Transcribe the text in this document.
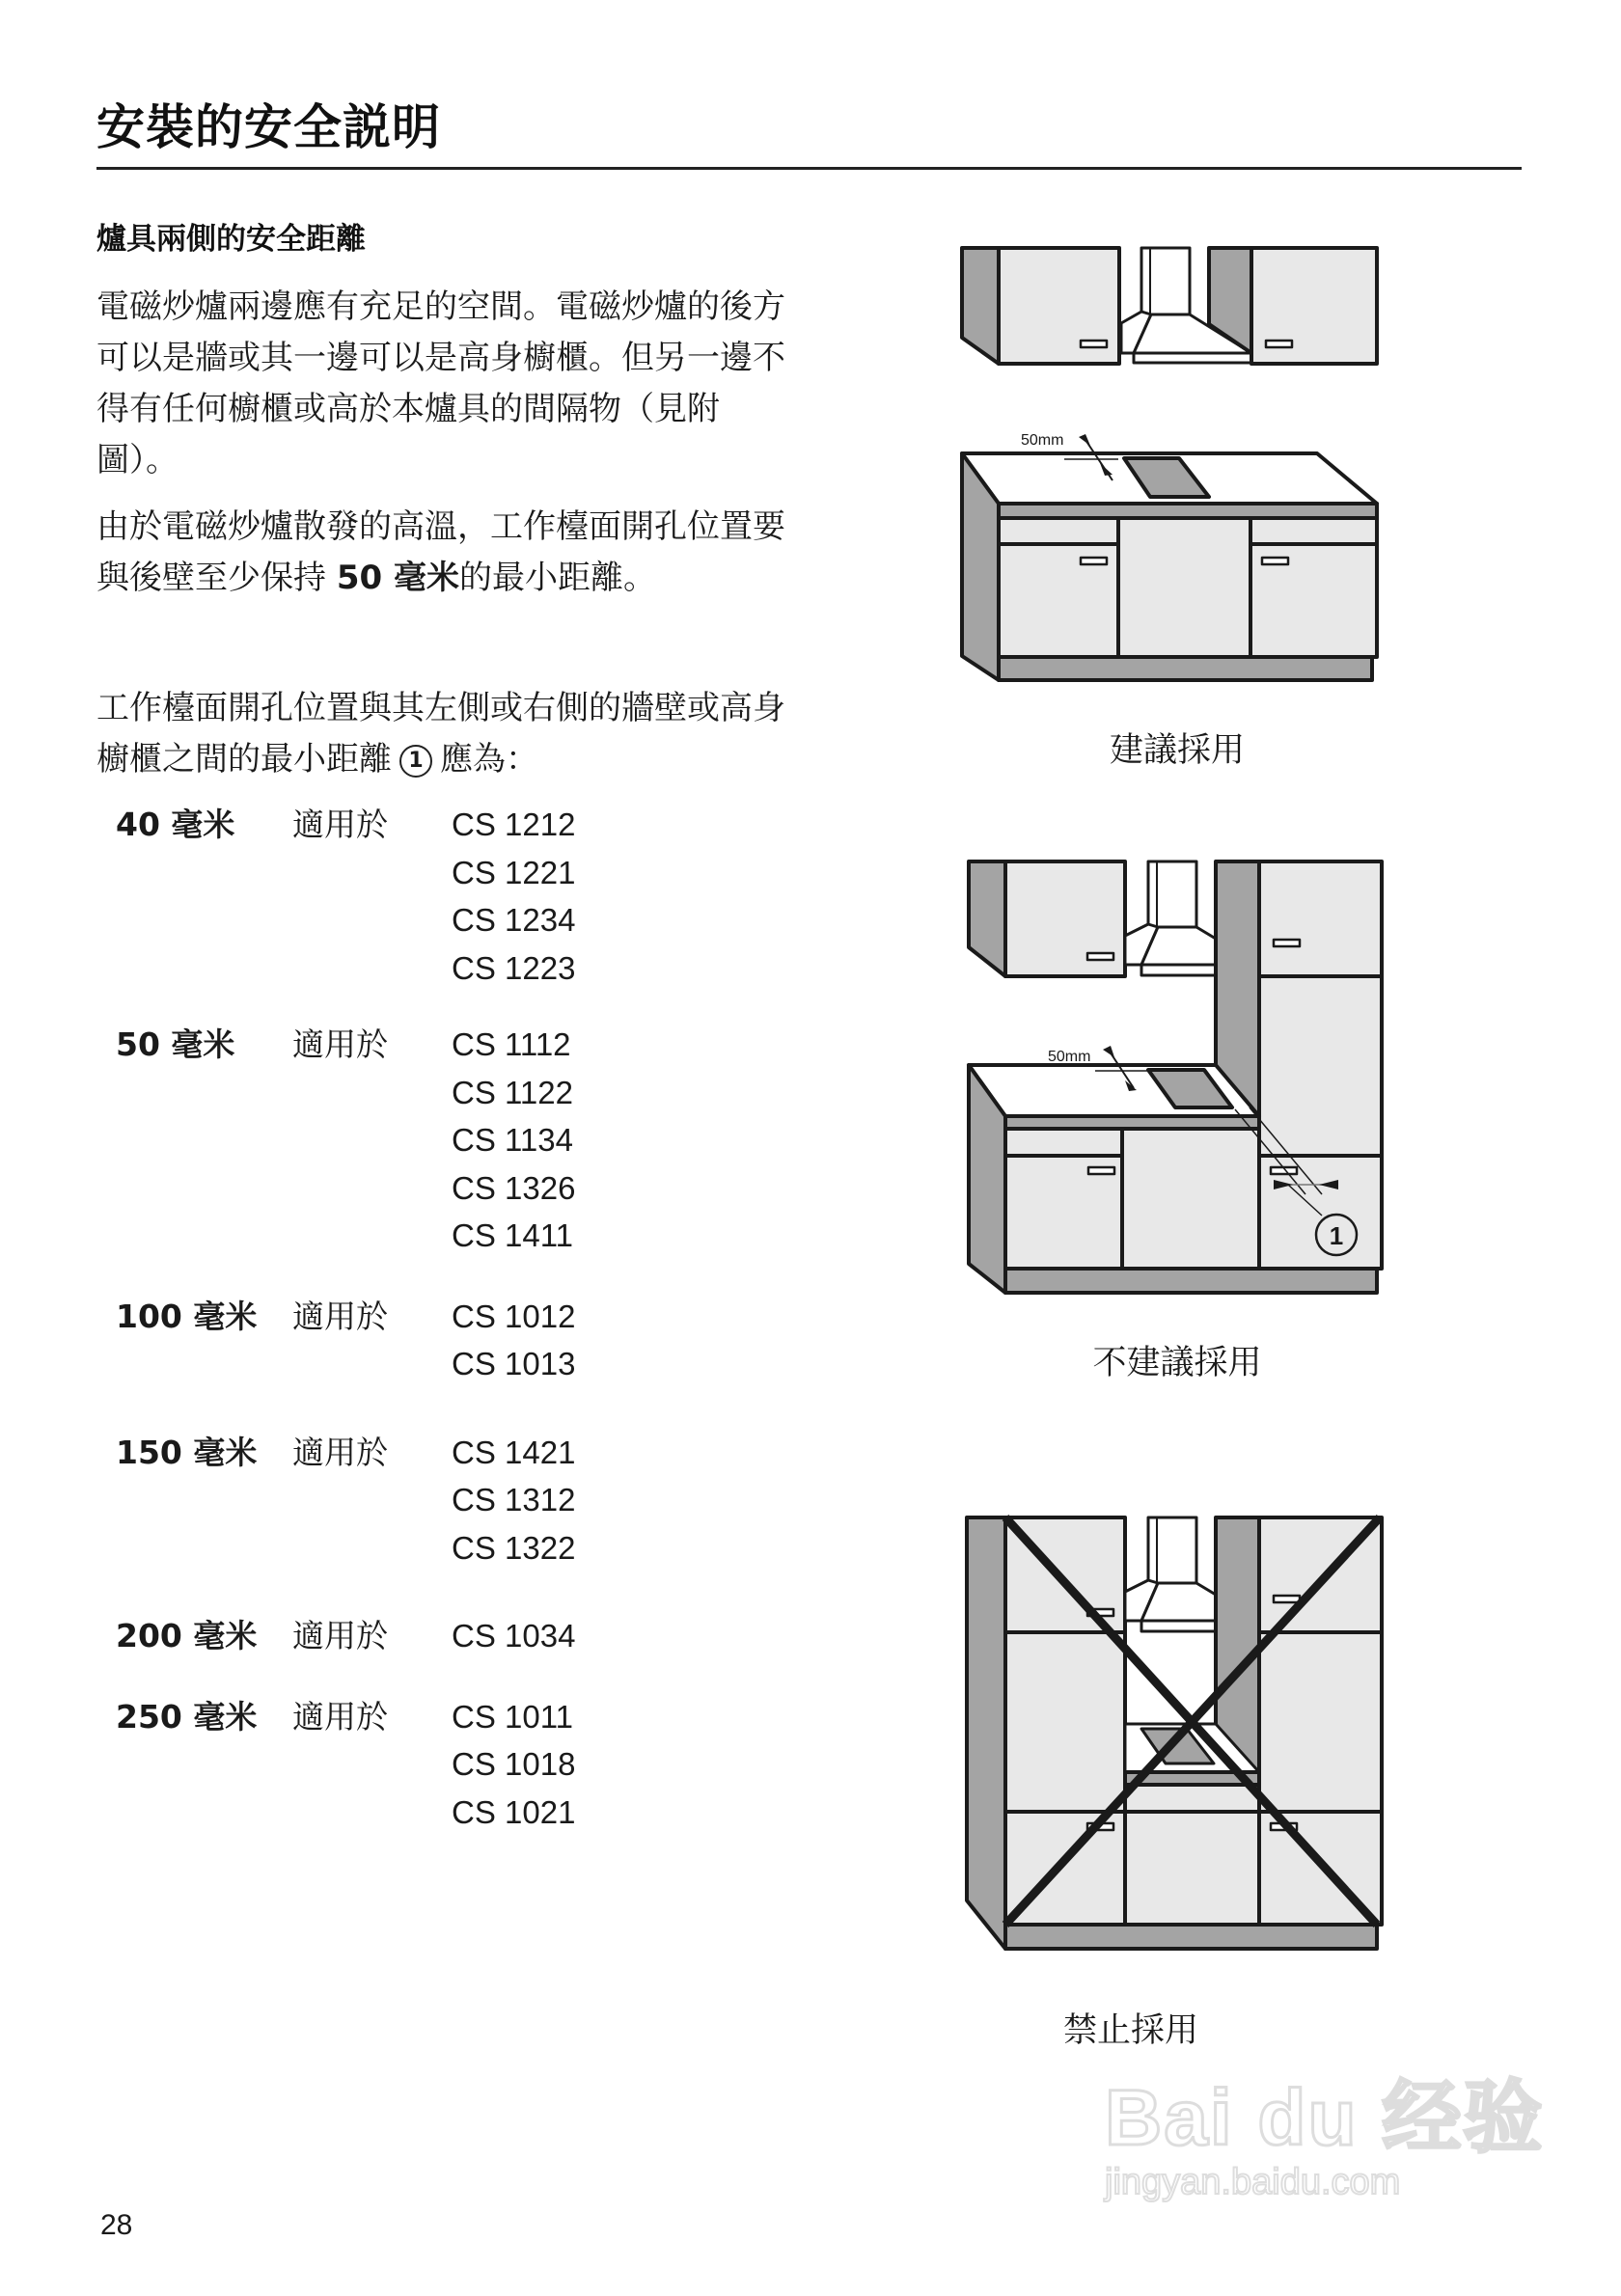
安裝的安全説明
爐具兩側的安全距離
電磁炒爐兩邊應有充足的空間。電磁炒爐的後方可以是牆或其一邊可以是高身櫥櫃。但另一邊不得有任何櫥櫃或高於本爐具的間隔物（見附圖）。
由於電磁炒爐散發的高溫，工作檯面開孔位置要與後壁至少保持 50 毫米的最小距離。
工作檯面開孔位置與其左側或右側的牆壁或高身櫥櫃之間的最小距離 1 應為：
40 毫米 適用於 CS 1212
CS 1221
CS 1234
CS 1223
50 毫米 適用於 CS 1112
CS 1122
CS 1134
CS 1326
CS 1411
100 毫米 適用於 CS 1012
CS 1013
150 毫米 適用於 CS 1421
CS 1312
CS 1322
200 毫米 適用於 CS 1034
250 毫米 適用於 CS 1011
CS 1018
CS 1021
50mm
建議採用
50mm
1
不建議採用
禁止採用
Bai du 经验
jingyan.baidu.com
28
